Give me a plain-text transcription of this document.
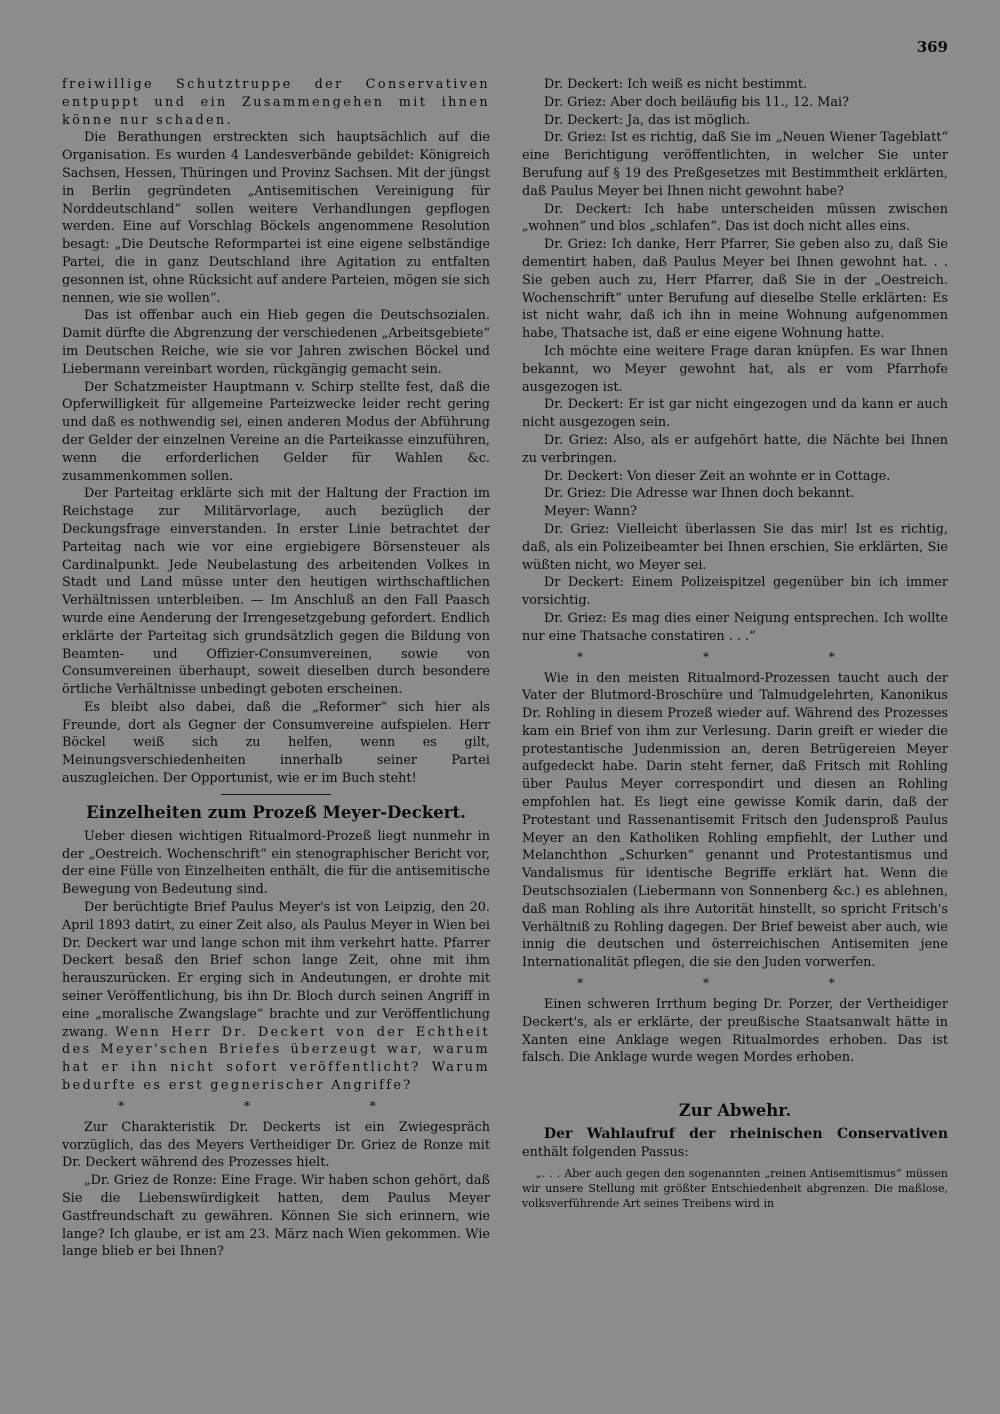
369

freiwillige Schutztruppe der Conservativen entpuppt und ein Zusammengehen mit ihnen könne nur schaden.

Die Berathungen erstreckten sich hauptsächlich auf die Organisation. Es wurden 4 Landesverbände gebildet: Königreich Sachsen, Hessen, Thüringen und Provinz Sachsen. Mit der jüngst in Berlin gegründeten „Antisemitischen Vereinigung für Norddeutschland“ sollen weitere Verhandlungen gepflogen werden. Eine auf Vorschlag Böckels angenommene Resolution besagt: „Die Deutsche Reformpartei ist eine eigene selbständige Partei, die in ganz Deutschland ihre Agitation zu entfalten gesonnen ist, ohne Rücksicht auf andere Parteien, mögen sie sich nennen, wie sie wollen“.

Das ist offenbar auch ein Hieb gegen die Deutschsozialen. Damit dürfte die Abgrenzung der verschiedenen „Arbeitsgebiete“ im Deutschen Reiche, wie sie vor Jahren zwischen Böckel und Liebermann vereinbart worden, rückgängig gemacht sein.

Der Schatzmeister Hauptmann v. Schirp stellte fest, daß die Opferwilligkeit für allgemeine Parteizwecke leider recht gering und daß es nothwendig sei, einen anderen Modus der Abführung der Gelder der einzelnen Vereine an die Parteikasse einzuführen, wenn die erforderlichen Gelder für Wahlen &c. zusammenkommen sollen.

Der Parteitag erklärte sich mit der Haltung der Fraction im Reichstage zur Militärvorlage, auch bezüglich der Deckungsfrage einverstanden. In erster Linie betrachtet der Parteitag nach wie vor eine ergiebigere Börsensteuer als Cardinalpunkt. Jede Neubelastung des arbeitenden Volkes in Stadt und Land müsse unter den heutigen wirthschaftlichen Verhältnissen unterbleiben. — Im Anschluß an den Fall Paasch wurde eine Aenderung der Irrengesetzgebung gefordert. Endlich erklärte der Parteitag sich grundsätzlich gegen die Bildung von Beamten- und Offizier-Consumvereinen, sowie von Consumvereinen überhaupt, soweit dieselben durch besondere örtliche Verhältnisse unbedingt geboten erscheinen.

Es bleibt also dabei, daß die „Reformer“ sich hier als Freunde, dort als Gegner der Consumvereine aufspielen. Herr Böckel weiß sich zu helfen, wenn es gilt, Meinungsverschiedenheiten innerhalb seiner Partei auszugleichen. Der Opportunist, wie er im Buch steht!

Einzelheiten zum Prozeß Meyer-Deckert.

Ueber diesen wichtigen Ritualmord-Prozeß liegt nunmehr in der „Oestreich. Wochenschrift“ ein stenographischer Bericht vor, der eine Fülle von Einzelheiten enthält, die für die antisemitische Bewegung von Bedeutung sind.

Der berüchtigte Brief Paulus Meyer's ist von Leipzig, den 20. April 1893 datirt, zu einer Zeit also, als Paulus Meyer in Wien bei Dr. Deckert war und lange schon mit ihm verkehrt hatte. Pfarrer Deckert besaß den Brief schon lange Zeit, ohne mit ihm herauszurücken. Er erging sich in Andeutungen, er drohte mit seiner Veröffentlichung, bis ihn Dr. Bloch durch seinen Angriff in eine „moralische Zwangslage“ brachte und zur Veröffentlichung zwang. Wenn Herr Dr. Deckert von der Echtheit des Meyer'schen Briefes überzeugt war, warum hat er ihn nicht sofort veröffentlicht? Warum bedurfte es erst gegnerischer Angriffe?

* * *

Zur Charakteristik Dr. Deckerts ist ein Zwiegespräch vorzüglich, das des Meyers Vertheidiger Dr. Griez de Ronze mit Dr. Deckert während des Prozesses hielt.

„Dr. Griez de Ronze: Eine Frage. Wir haben schon gehört, daß Sie die Liebenswürdigkeit hatten, dem Paulus Meyer Gastfreundschaft zu gewähren. Können Sie sich erinnern, wie lange? Ich glaube, er ist am 23. März nach Wien gekommen. Wie lange blieb er bei Ihnen?

Dr. Deckert: Ich weiß es nicht bestimmt.

Dr. Griez: Aber doch beiläufig bis 11., 12. Mai?

Dr. Deckert: Ja, das ist möglich.

Dr. Griez: Ist es richtig, daß Sie im „Neuen Wiener Tageblatt“ eine Berichtigung veröffentlichten, in welcher Sie unter Berufung auf § 19 des Preßgesetzes mit Bestimmtheit erklärten, daß Paulus Meyer bei Ihnen nicht gewohnt habe?

Dr. Deckert: Ich habe unterscheiden müssen zwischen „wohnen“ und blos „schlafen“. Das ist doch nicht alles eins.

Dr. Griez: Ich danke, Herr Pfarrer, Sie geben also zu, daß Sie dementirt haben, daß Paulus Meyer bei Ihnen gewohnt hat. . . Sie geben auch zu, Herr Pfarrer, daß Sie in der „Oestreich. Wochenschrift“ unter Berufung auf dieselbe Stelle erklärten: Es ist nicht wahr, daß ich ihn in meine Wohnung aufgenommen habe, Thatsache ist, daß er eine eigene Wohnung hatte.

Ich möchte eine weitere Frage daran knüpfen. Es war Ihnen bekannt, wo Meyer gewohnt hat, als er vom Pfarrhofe ausgezogen ist.

Dr. Deckert: Er ist gar nicht eingezogen und da kann er auch nicht ausgezogen sein.

Dr. Griez: Also, als er aufgehört hatte, die Nächte bei Ihnen zu verbringen.

Dr. Deckert: Von dieser Zeit an wohnte er in Cottage.

Dr. Griez: Die Adresse war Ihnen doch bekannt.

Meyer: Wann?

Dr. Griez: Vielleicht überlassen Sie das mir! Ist es richtig, daß, als ein Polizeibeamter bei Ihnen erschien, Sie erklärten, Sie wüßten nicht, wo Meyer sei.

Dr Deckert: Einem Polizeispitzel gegenüber bin ich immer vorsichtig.

Dr. Griez: Es mag dies einer Neigung entsprechen. Ich wollte nur eine Thatsache constatiren . . .“

* * *

Wie in den meisten Ritualmord-Prozessen taucht auch der Vater der Blutmord-Broschüre und Talmudgelehrten, Kanonikus Dr. Rohling in diesem Prozeß wieder auf. Während des Prozesses kam ein Brief von ihm zur Verlesung. Darin greift er wieder die protestantische Judenmission an, deren Betrügereien Meyer aufgedeckt habe. Darin steht ferner, daß Fritsch mit Rohling über Paulus Meyer correspondirt und diesen an Rohling empfohlen hat. Es liegt eine gewisse Komik darin, daß der Protestant und Rassenantisemit Fritsch den Judensproß Paulus Meyer an den Katholiken Rohling empfiehlt, der Luther und Melanchthon „Schurken“ genannt und Protestantismus und Vandalismus für identische Begriffe erklärt hat. Wenn die Deutschsozialen (Liebermann von Sonnenberg &c.) es ablehnen, daß man Rohling als ihre Autorität hinstellt, so spricht Fritsch's Verhältniß zu Rohling dagegen. Der Brief beweist aber auch, wie innig die deutschen und österreichischen Antisemiten jene Internationalität pflegen, die sie den Juden vorwerfen.

* * *

Einen schweren Irrthum beging Dr. Porzer, der Vertheidiger Deckert's, als er erklärte, der preußische Staatsanwalt hätte in Xanten eine Anklage wegen Ritualmordes erhoben. Das ist falsch. Die Anklage wurde wegen Mordes erhoben.

Zur Abwehr.

Der Wahlaufruf der rheinischen Conservativen enthält folgenden Passus:

„. . . Aber auch gegen den sogenannten „reinen Antisemitismus“ müssen wir unsere Stellung mit größter Entschiedenheit abgrenzen. Die maßlose, volksverführende Art seines Treibens wird in
